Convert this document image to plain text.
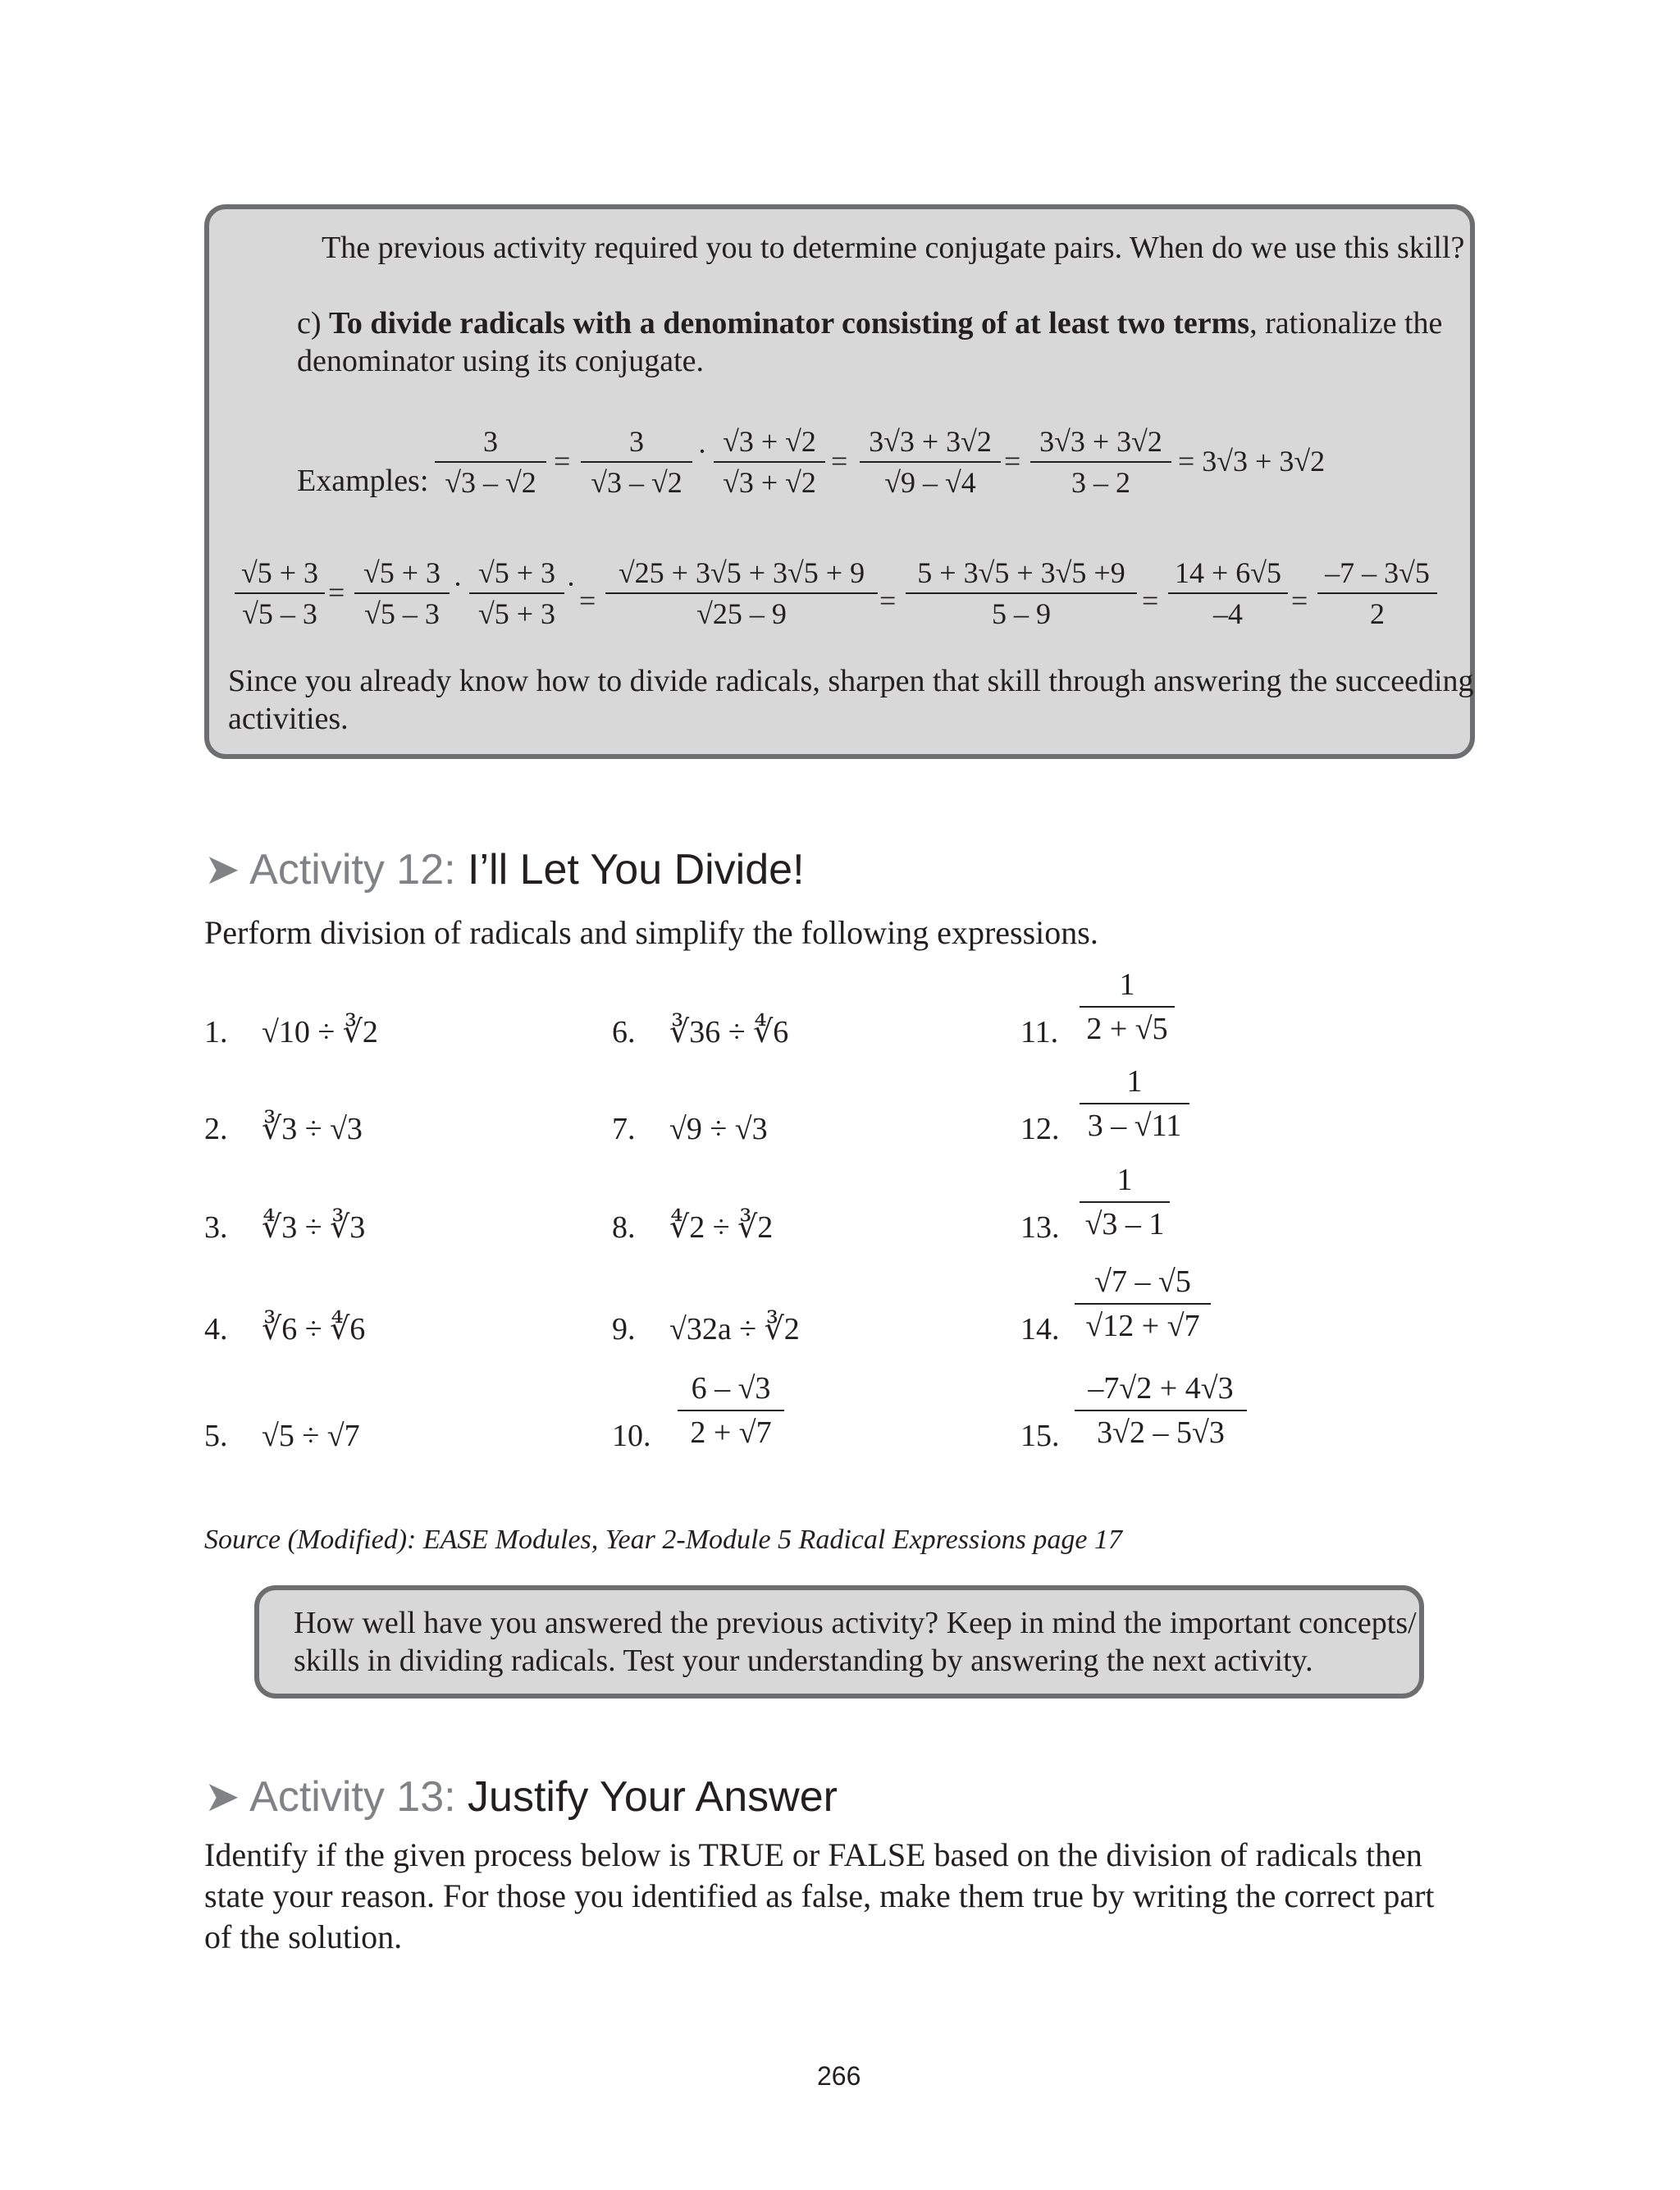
The previous activity required you to determine conjugate pairs. When do we use this skill?
c) To divide radicals with a denominator consisting of at least two terms, rationalize the
denominator using its conjugate.
Examples:
3
√3 – √2
=
3
√3 – √2
· √3 + √2
√3 + √2
=
3√3 + 3√2
√9 – √4
=
3√3 + 3√2
3 – 2
= 3√3 + 3√2
√5 + 3
√5 – 3
=
√5 + 3
√5 – 3
· √5 + 3
√5 + 3
· =
√25 + 3√5 + 3√5 + 9
√25 – 9	=
5 + 3√5 + 3√5 +9
5 – 9	=
14 + 6√5
–4	=
–7 – 3√5
2
Since you already know how to divide radicals, sharpen that skill through answering the succeeding
activities.
➤ Activity 12: I’ll Let You Divide!
Perform division of radicals and simplify the following expressions.
1. √10 ÷ ∛2
2. ∛3 ÷ √3
3. ∜3 ÷ ∛3
4. ∛6 ÷ ∜6
5. √5 ÷ √7
6. ∛36 ÷ ∜6
7. √9 ÷ √3
8. ∜2 ÷ ∛2
9. √32a ÷ ∛2
10.
6 – √3
2 + √7
11.
1
2 + √5
12.
1
3 – √11
13.
1
√3 – 1
14.
√7 – √5
√12 + √7
15.
–7√2 + 4√3
3√2 – 5√3
Source (Modified): EASE Modules, Year 2-Module 5 Radical Expressions page 17
How well have you answered the previous activity? Keep in mind the important concepts/
skills in dividing radicals. Test your understanding by answering the next activity.
➤ Activity 13: Justify Your Answer
Identify if the given process below is TRUE or FALSE based on the division of radicals then
state your reason. For those you identified as false, make them true by writing the correct part
of the solution.
266
